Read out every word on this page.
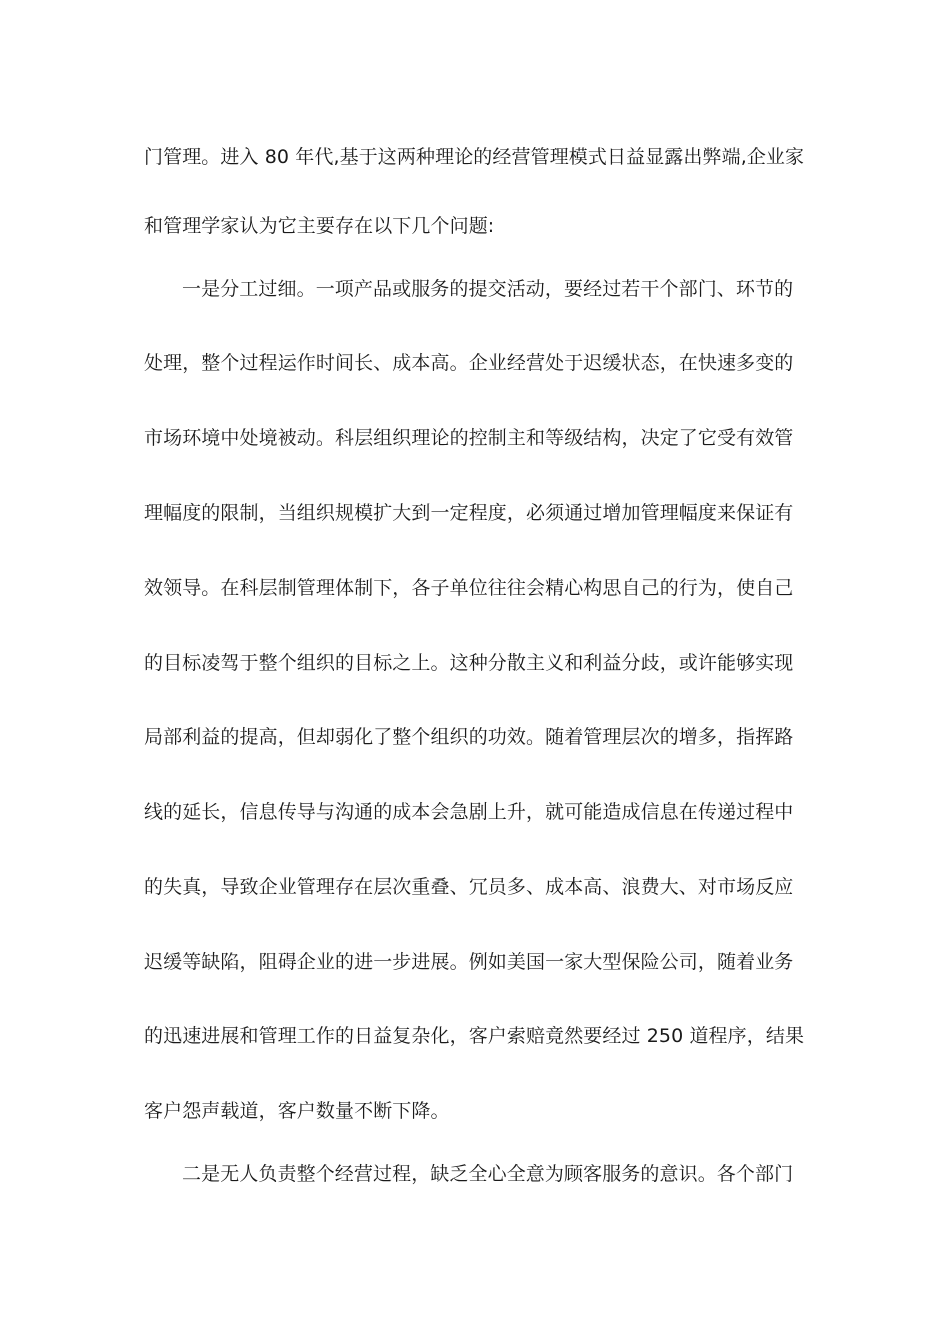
门管理。进入 80 年代,基于这两种理论的经营管理模式日益显露出弊端,企业家
和管理学家认为它主要存在以下几个问题:
一是分工过细。一项产品或服务的提交活动，要经过若干个部门、环节的
处理，整个过程运作时间长、成本高。企业经营处于迟缓状态，在快速多变的
市场环境中处境被动。科层组织理论的控制主和等级结构，决定了它受有效管
理幅度的限制，当组织规模扩大到一定程度，必须通过增加管理幅度来保证有
效领导。在科层制管理体制下，各子单位往往会精心构思自己的行为，使自己
的目标凌驾于整个组织的目标之上。这种分散主义和利益分歧，或许能够实现
局部利益的提高，但却弱化了整个组织的功效。随着管理层次的增多，指挥路
线的延长，信息传导与沟通的成本会急剧上升，就可能造成信息在传递过程中
的失真，导致企业管理存在层次重叠、冗员多、成本高、浪费大、对市场反应
迟缓等缺陷，阻碍企业的进一步进展。例如美国一家大型保险公司，随着业务
的迅速进展和管理工作的日益复杂化，客户索赔竟然要经过 250 道程序，结果
客户怨声载道，客户数量不断下降。
二是无人负责整个经营过程，缺乏全心全意为顾客服务的意识。各个部门
